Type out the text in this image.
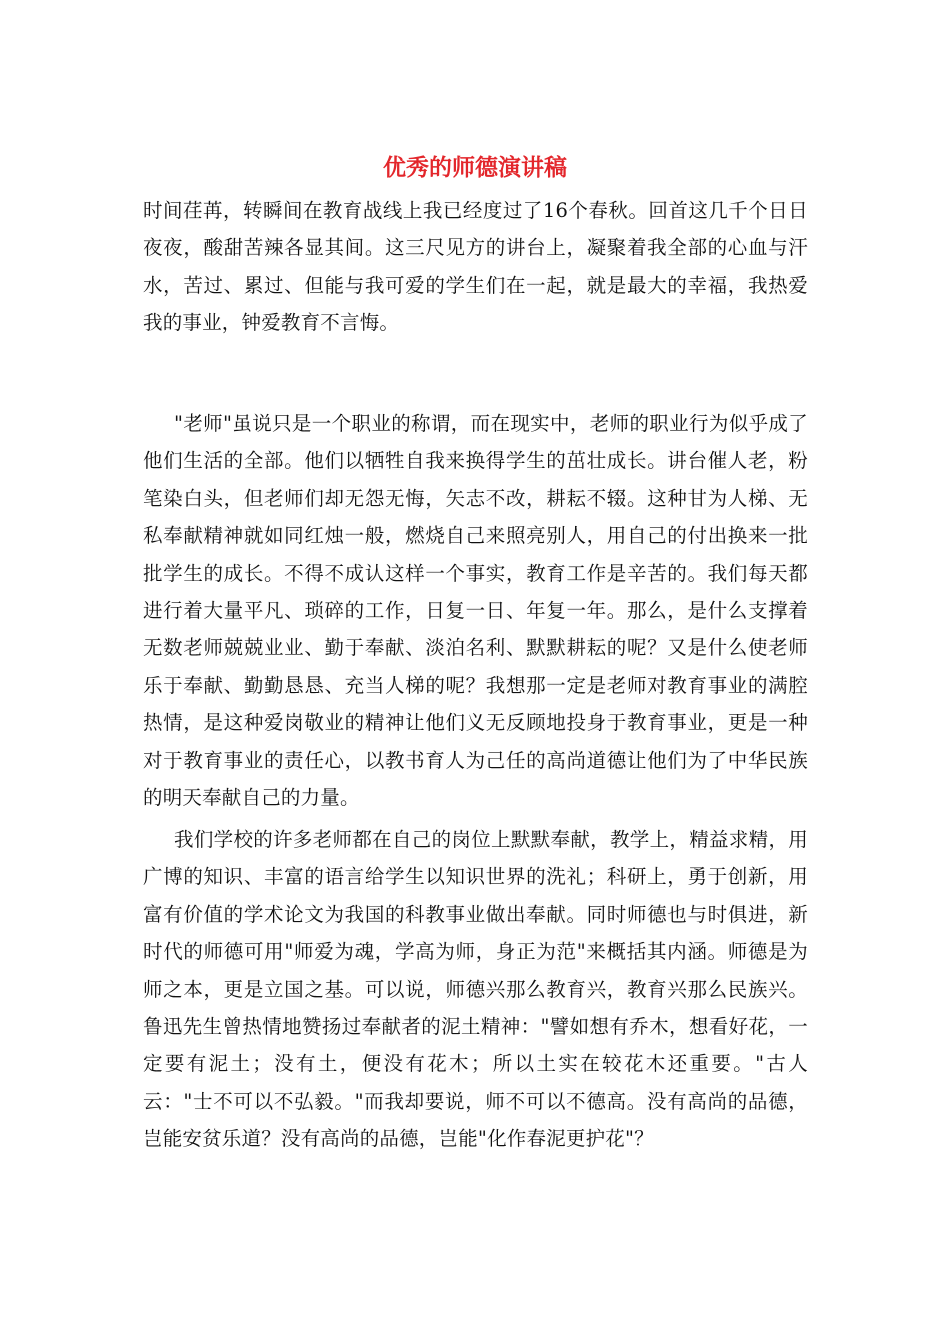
优秀的师德演讲稿

时间荏苒，转瞬间在教育战线上我已经度过了16个春秋。回首这几千个日日夜夜，酸甜苦辣各显其间。这三尺见方的讲台上，凝聚着我全部的心血与汗水，苦过、累过、但能与我可爱的学生们在一起，就是最大的幸福，我热爱我的事业，钟爱教育不言悔。

"老师"虽说只是一个职业的称谓，而在现实中，老师的职业行为似乎成了他们生活的全部。他们以牺牲自我来换得学生的茁壮成长。讲台催人老，粉笔染白头，但老师们却无怨无悔，矢志不改，耕耘不辍。这种甘为人梯、无私奉献精神就如同红烛一般，燃烧自己来照亮别人，用自己的付出换来一批批学生的成长。不得不成认这样一个事实，教育工作是辛苦的。我们每天都进行着大量平凡、琐碎的工作，日复一日、年复一年。那么，是什么支撑着无数老师兢兢业业、勤于奉献、淡泊名利、默默耕耘的呢？又是什么使老师乐于奉献、勤勤恳恳、充当人梯的呢？我想那一定是老师对教育事业的满腔热情，是这种爱岗敬业的精神让他们义无反顾地投身于教育事业，更是一种对于教育事业的责任心，以教书育人为己任的高尚道德让他们为了中华民族的明天奉献自己的力量。

我们学校的许多老师都在自己的岗位上默默奉献，教学上，精益求精，用广博的知识、丰富的语言给学生以知识世界的洗礼；科研上，勇于创新，用富有价值的学术论文为我国的科教事业做出奉献。同时师德也与时俱进，新时代的师德可用"师爱为魂，学高为师，身正为范"来概括其内涵。师德是为师之本，更是立国之基。可以说，师德兴那么教育兴，教育兴那么民族兴。鲁迅先生曾热情地赞扬过奉献者的泥土精神："譬如想有乔木，想看好花，一定要有泥土；没有土，便没有花木；所以土实在较花木还重要。"古人云："士不可以不弘毅。"而我却要说，师不可以不德高。没有高尚的品德，岂能安贫乐道？没有高尚的品德，岂能"化作春泥更护花"？
